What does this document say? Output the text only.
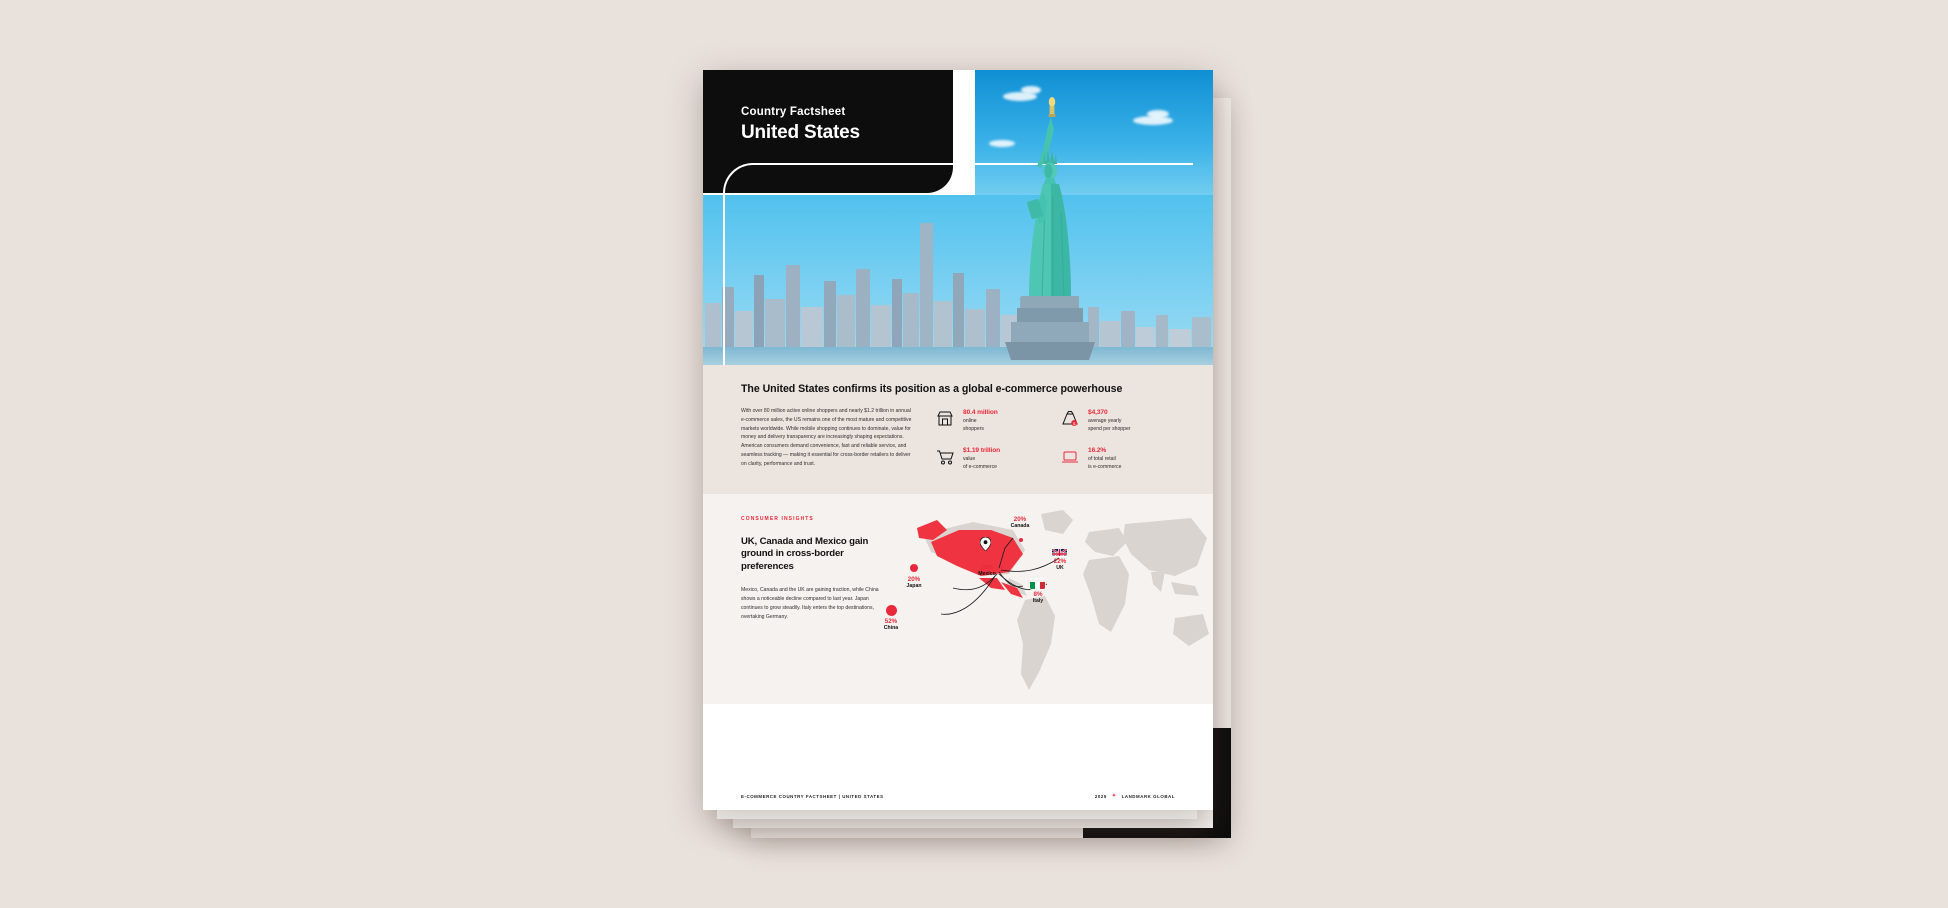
Country Factsheet
United States
The United States confirms its position as a global e-commerce powerhouse
With over 80 million active online shoppers and nearly $1.2 trillion in annual e-commerce sales, the US remains one of the most mature and competitive markets worldwide. While mobile shopping continues to dominate, value for money and delivery transparency are increasingly shaping expectations. American consumers demand convenience, fast and reliable service, and seamless tracking — making it essential for cross-border retailers to deliver on clarity, performance and trust.
80.4 million
online
shoppers
$
$4,370
average yearly
spend per shopper
$1.19 trillion
value
of e-commerce
16.2%
of total retail
is e-commerce
CONSUMER INSIGHTS
UK, Canada and Mexico gain ground in cross-border preferences

Mexico, Canada and the UK are gaining traction, while China shows a noticeable decline compared to last year. Japan continues to grow steadily. Italy enters the top destinations, overtaking Germany.

20%
Canada
22%
UK
16%
Mexico
8%
Italy
20%
Japan
52%
China
E-COMMERCE COUNTRY FACTSHEET | UNITED STATES	2025 ✦ LANDMARK GLOBAL
